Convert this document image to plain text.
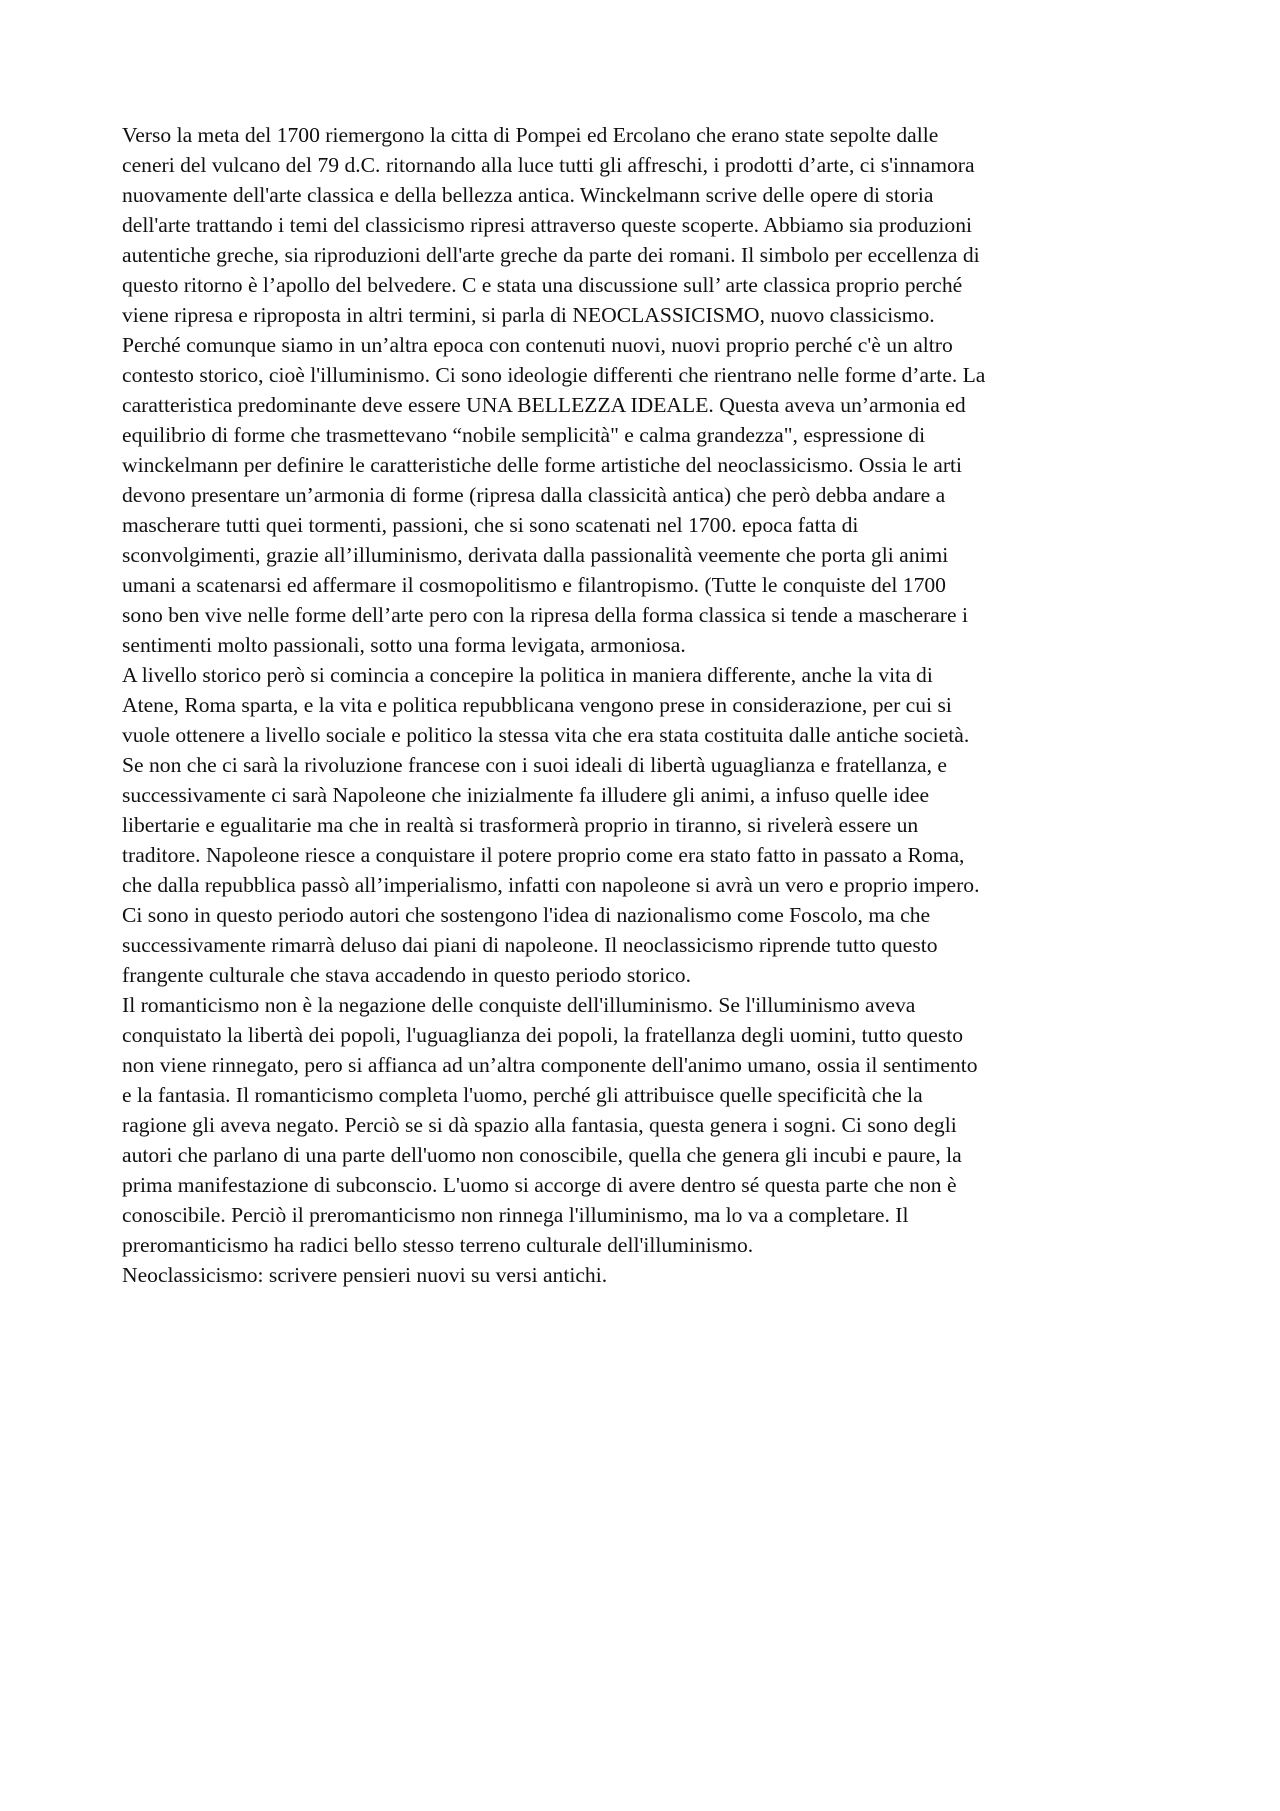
Verso la meta del 1700 riemergono la citta di Pompei ed Ercolano che erano state sepolte dalle
ceneri del vulcano del 79 d.C. ritornando alla luce tutti gli affreschi, i prodotti d’arte, ci s'innamora
nuovamente dell'arte classica e della bellezza antica. Winckelmann scrive delle opere di storia
dell'arte trattando i temi del classicismo ripresi attraverso queste scoperte. Abbiamo sia produzioni
autentiche greche, sia riproduzioni dell'arte greche da parte dei romani. Il simbolo per eccellenza di
questo ritorno è l’apollo del belvedere. C e stata una discussione sull’ arte classica proprio perché
viene ripresa e riproposta in altri termini, si parla di NEOCLASSICISMO, nuovo classicismo.
Perché comunque siamo in un’altra epoca con contenuti nuovi, nuovi proprio perché c'è un altro
contesto storico, cioè l'illuminismo. Ci sono ideologie differenti che rientrano nelle forme d’arte. La
caratteristica predominante deve essere UNA BELLEZZA IDEALE. Questa aveva un’armonia ed
equilibrio di forme che trasmettevano “nobile semplicità" e calma grandezza", espressione di
winckelmann per definire le caratteristiche delle forme artistiche del neoclassicismo. Ossia le arti
devono presentare un’armonia di forme (ripresa dalla classicità antica) che però debba andare a
mascherare tutti quei tormenti, passioni, che si sono scatenati nel 1700. epoca fatta di
sconvolgimenti, grazie all’illuminismo, derivata dalla passionalità veemente che porta gli animi
umani a scatenarsi ed affermare il cosmopolitismo e filantropismo. (Tutte le conquiste del 1700
sono ben vive nelle forme dell’arte pero con la ripresa della forma classica si tende a mascherare i
sentimenti molto passionali, sotto una forma levigata, armoniosa.
A livello storico però si comincia a concepire la politica in maniera differente, anche la vita di
Atene, Roma sparta, e la vita e politica repubblicana vengono prese in considerazione, per cui si
vuole ottenere a livello sociale e politico la stessa vita che era stata costituita dalle antiche società.
Se non che ci sarà la rivoluzione francese con i suoi ideali di libertà uguaglianza e fratellanza, e
successivamente ci sarà Napoleone che inizialmente fa illudere gli animi, a infuso quelle idee
libertarie e egualitarie ma che in realtà si trasformerà proprio in tiranno, si rivelerà essere un
traditore. Napoleone riesce a conquistare il potere proprio come era stato fatto in passato a Roma,
che dalla repubblica passò all’imperialismo, infatti con napoleone si avrà un vero e proprio impero.
Ci sono in questo periodo autori che sostengono l'idea di nazionalismo come Foscolo, ma che
successivamente rimarrà deluso dai piani di napoleone. Il neoclassicismo riprende tutto questo
frangente culturale che stava accadendo in questo periodo storico.
Il romanticismo non è la negazione delle conquiste dell'illuminismo. Se l'illuminismo aveva
conquistato la libertà dei popoli, l'uguaglianza dei popoli, la fratellanza degli uomini, tutto questo
non viene rinnegato, pero si affianca ad un’altra componente dell'animo umano, ossia il sentimento
e la fantasia. Il romanticismo completa l'uomo, perché gli attribuisce quelle specificità che la
ragione gli aveva negato. Perciò se si dà spazio alla fantasia, questa genera i sogni. Ci sono degli
autori che parlano di una parte dell'uomo non conoscibile, quella che genera gli incubi e paure, la
prima manifestazione di subconscio. L'uomo si accorge di avere dentro sé questa parte che non è
conoscibile. Perciò il preromanticismo non rinnega l'illuminismo, ma lo va a completare. Il
preromanticismo ha radici bello stesso terreno culturale dell'illuminismo.
Neoclassicismo: scrivere pensieri nuovi su versi antichi.
